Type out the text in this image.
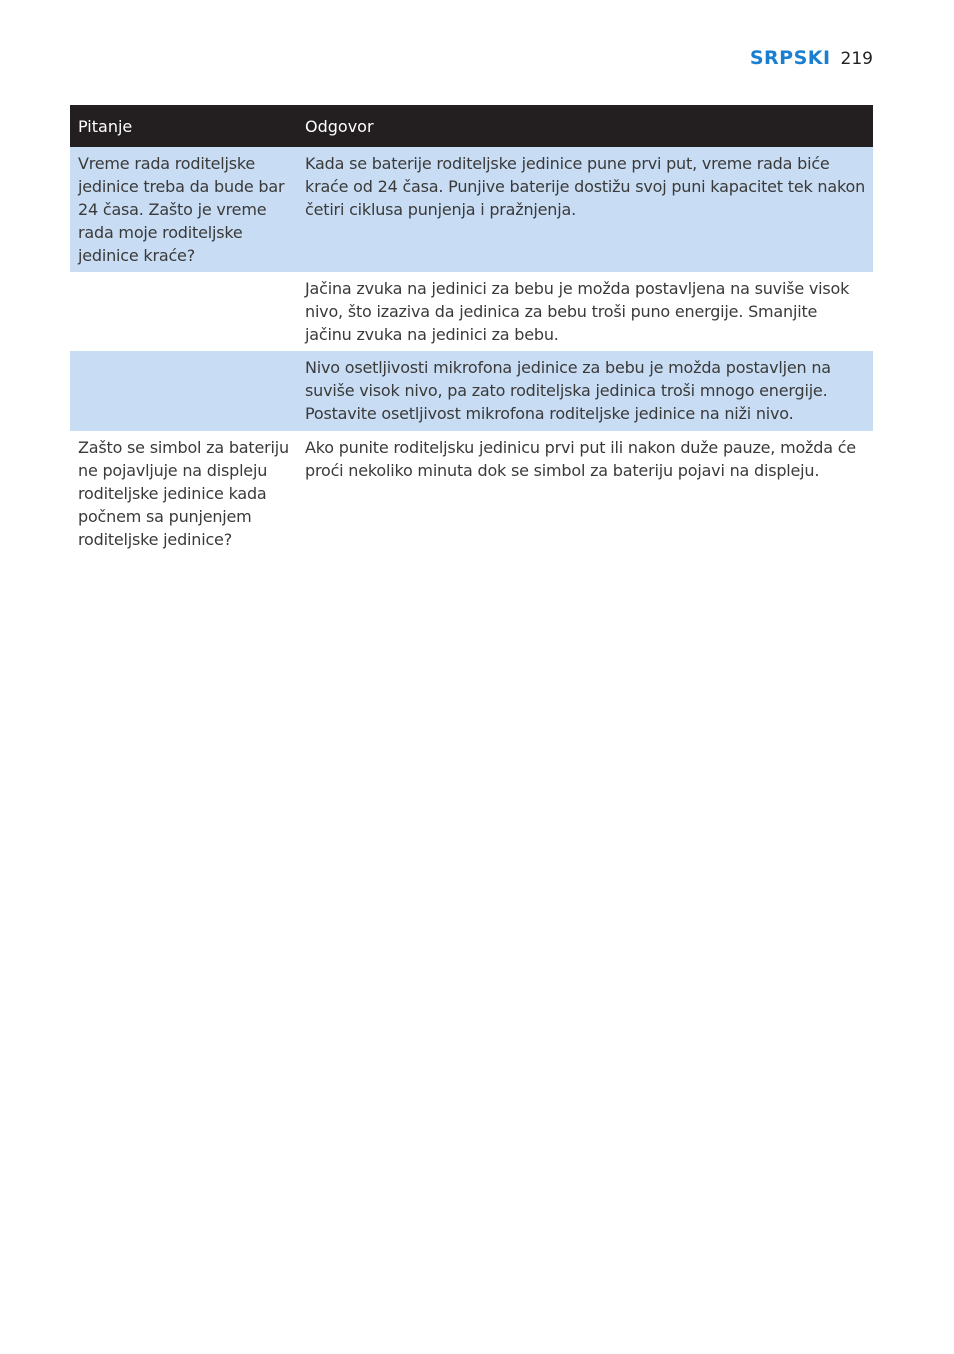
SRPSKI 219
Pitanje	Odgovor
Vreme rada roditeljske jedinice treba da bude bar 24 časa. Zašto je vreme rada moje roditeljske jedinice kraće?	Kada se baterije roditeljske jedinice pune prvi put, vreme rada biće kraće od 24 časa. Punjive baterije dostižu svoj puni kapacitet tek nakon četiri ciklusa punjenja i pražnjenja.
	Jačina zvuka na jedinici za bebu je možda postavljena na suviše visok nivo, što izaziva da jedinica za bebu troši puno energije. Smanjite jačinu zvuka na jedinici za bebu.
	Nivo osetljivosti mikrofona jedinice za bebu je možda postavljen na suviše visok nivo, pa zato roditeljska jedinica troši mnogo energije. Postavite osetljivost mikrofona roditeljske jedinice na niži nivo.
Zašto se simbol za bateriju ne pojavljuje na displeju roditeljske jedinice kada počnem sa punjenjem roditeljske jedinice?	Ako punite roditeljsku jedinicu prvi put ili nakon duže pauze, možda će proći nekoliko minuta dok se simbol za bateriju pojavi na displeju.
